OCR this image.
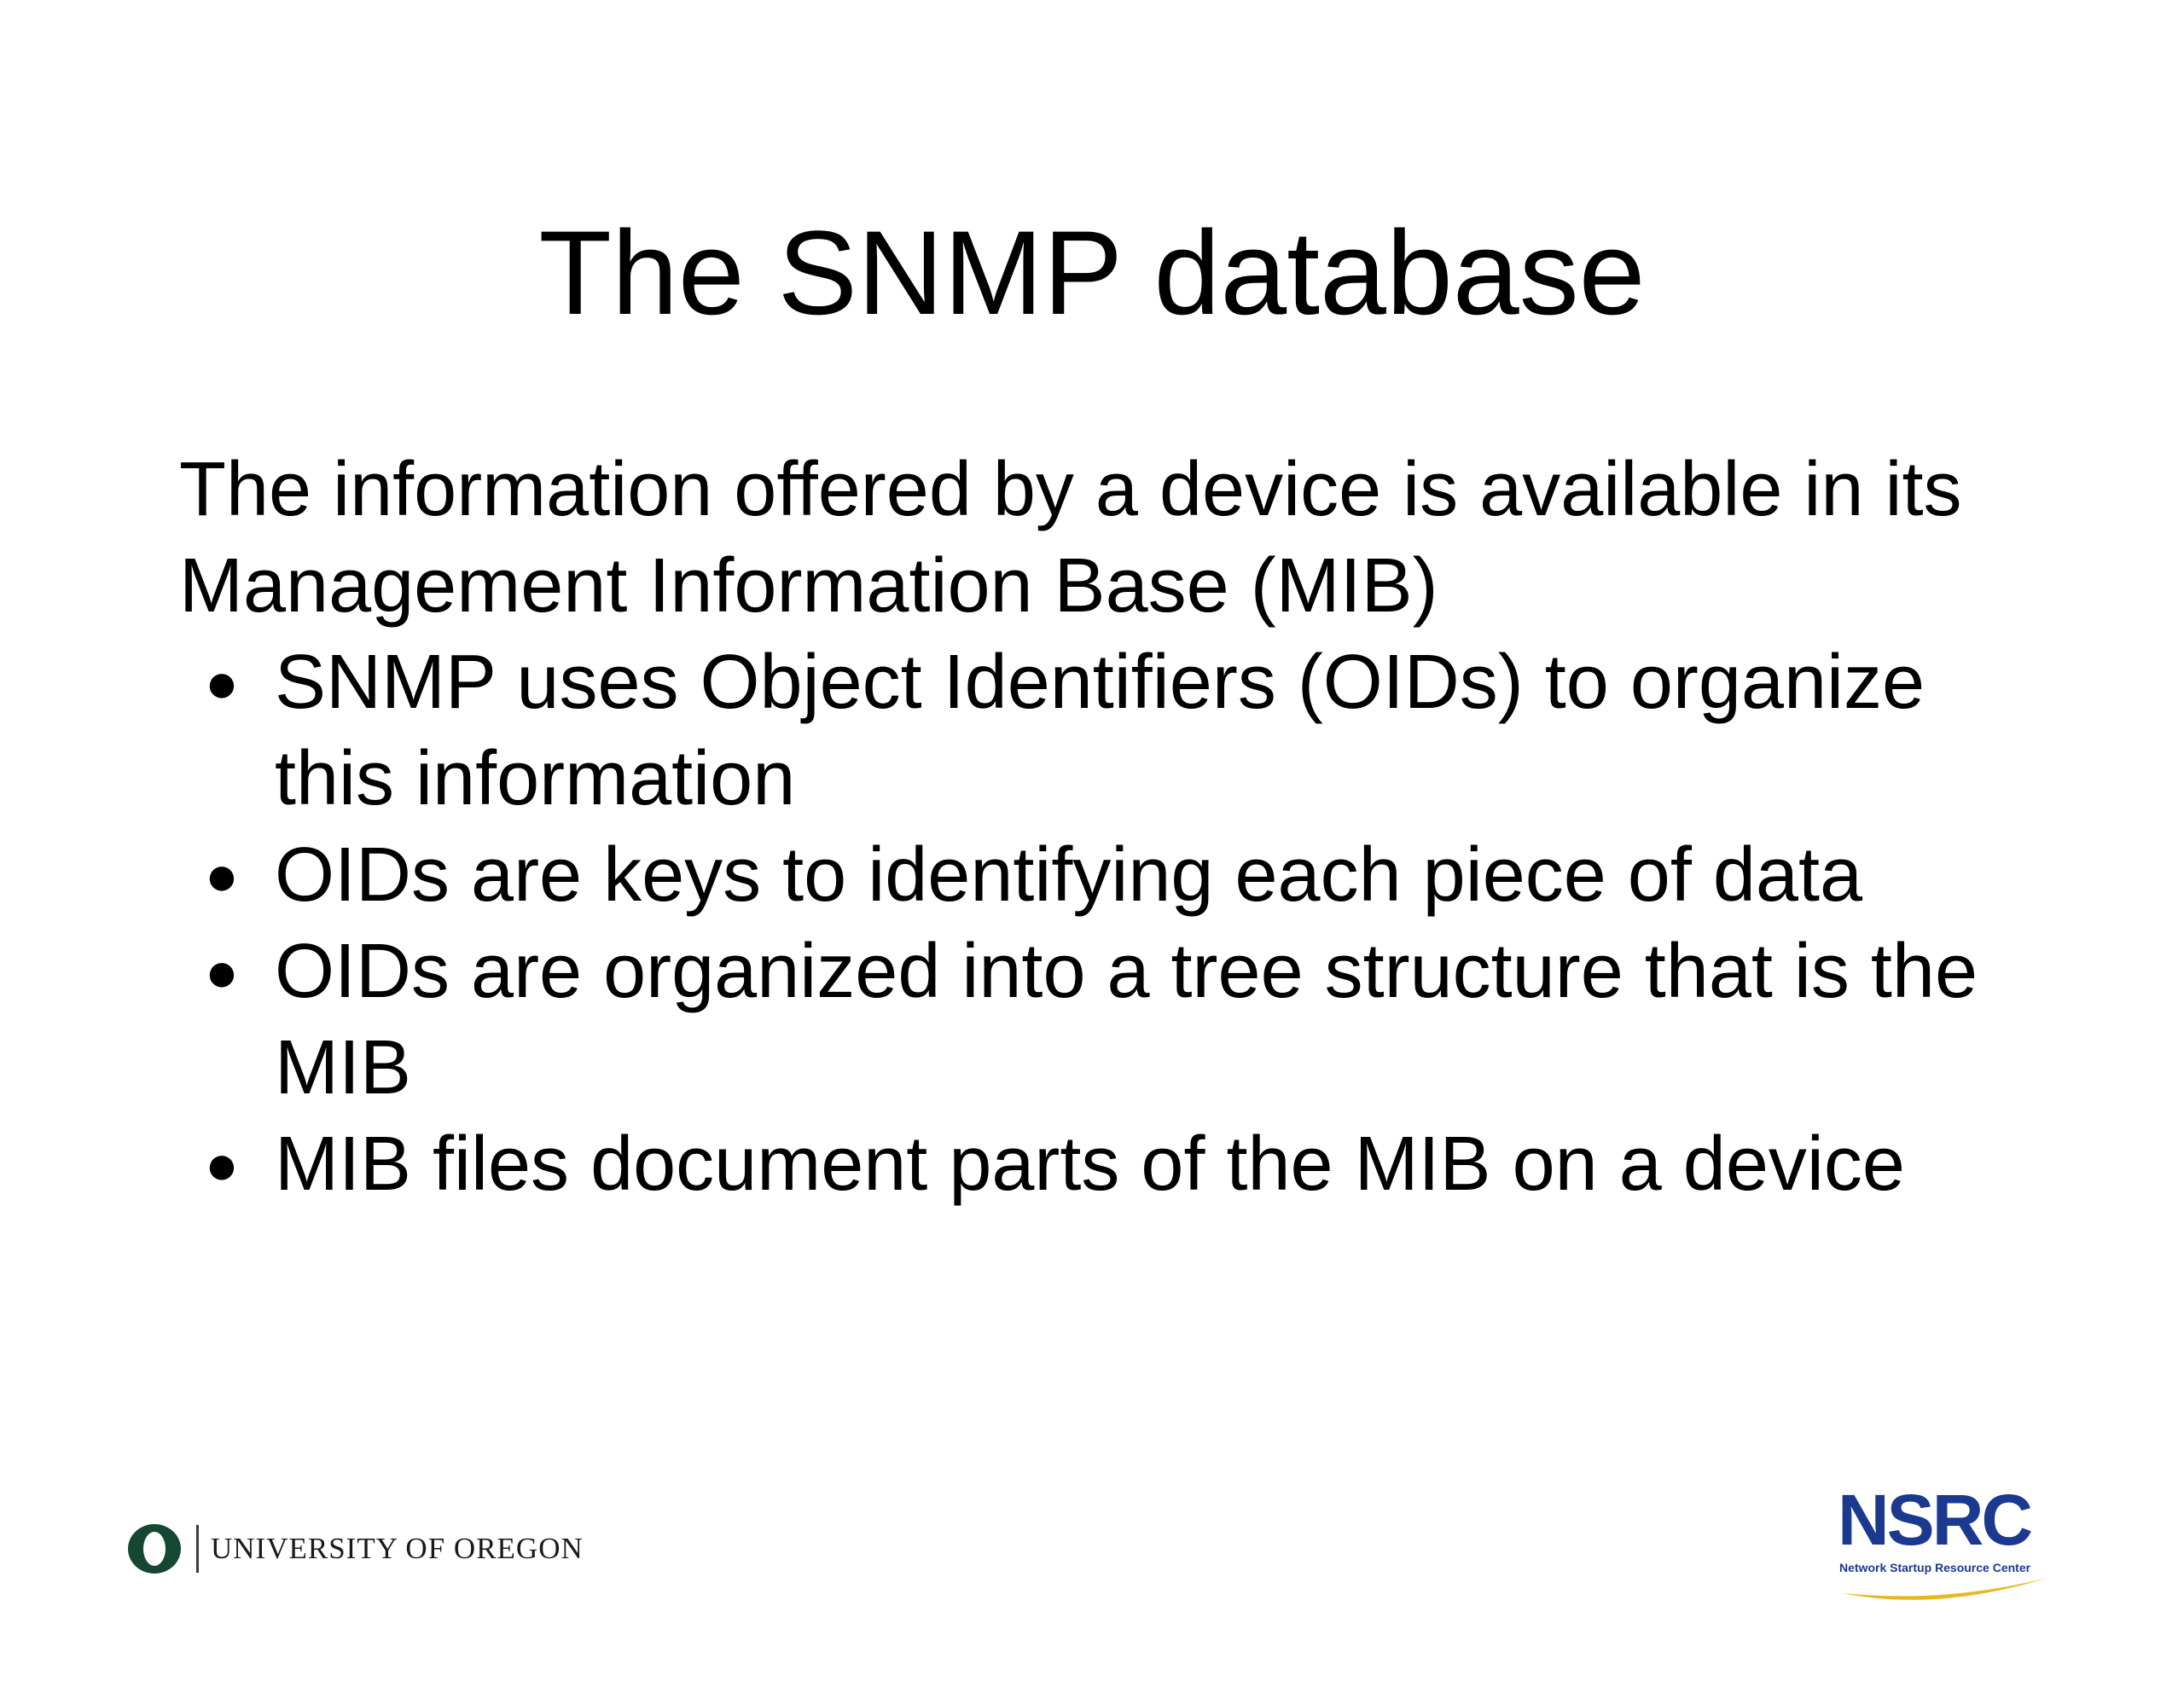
The SNMP database

The information offered by a device is available in its Management Information Base (MIB)

● SNMP uses Object Identifiers (OIDs) to organize this information
● OIDs are keys to identifying each piece of data
● OIDs are organized into a tree structure that is the MIB
● MIB files document parts of the MIB on a device
UNIVERSITY OF OREGON	NSRC
Network Startup Resource Center
